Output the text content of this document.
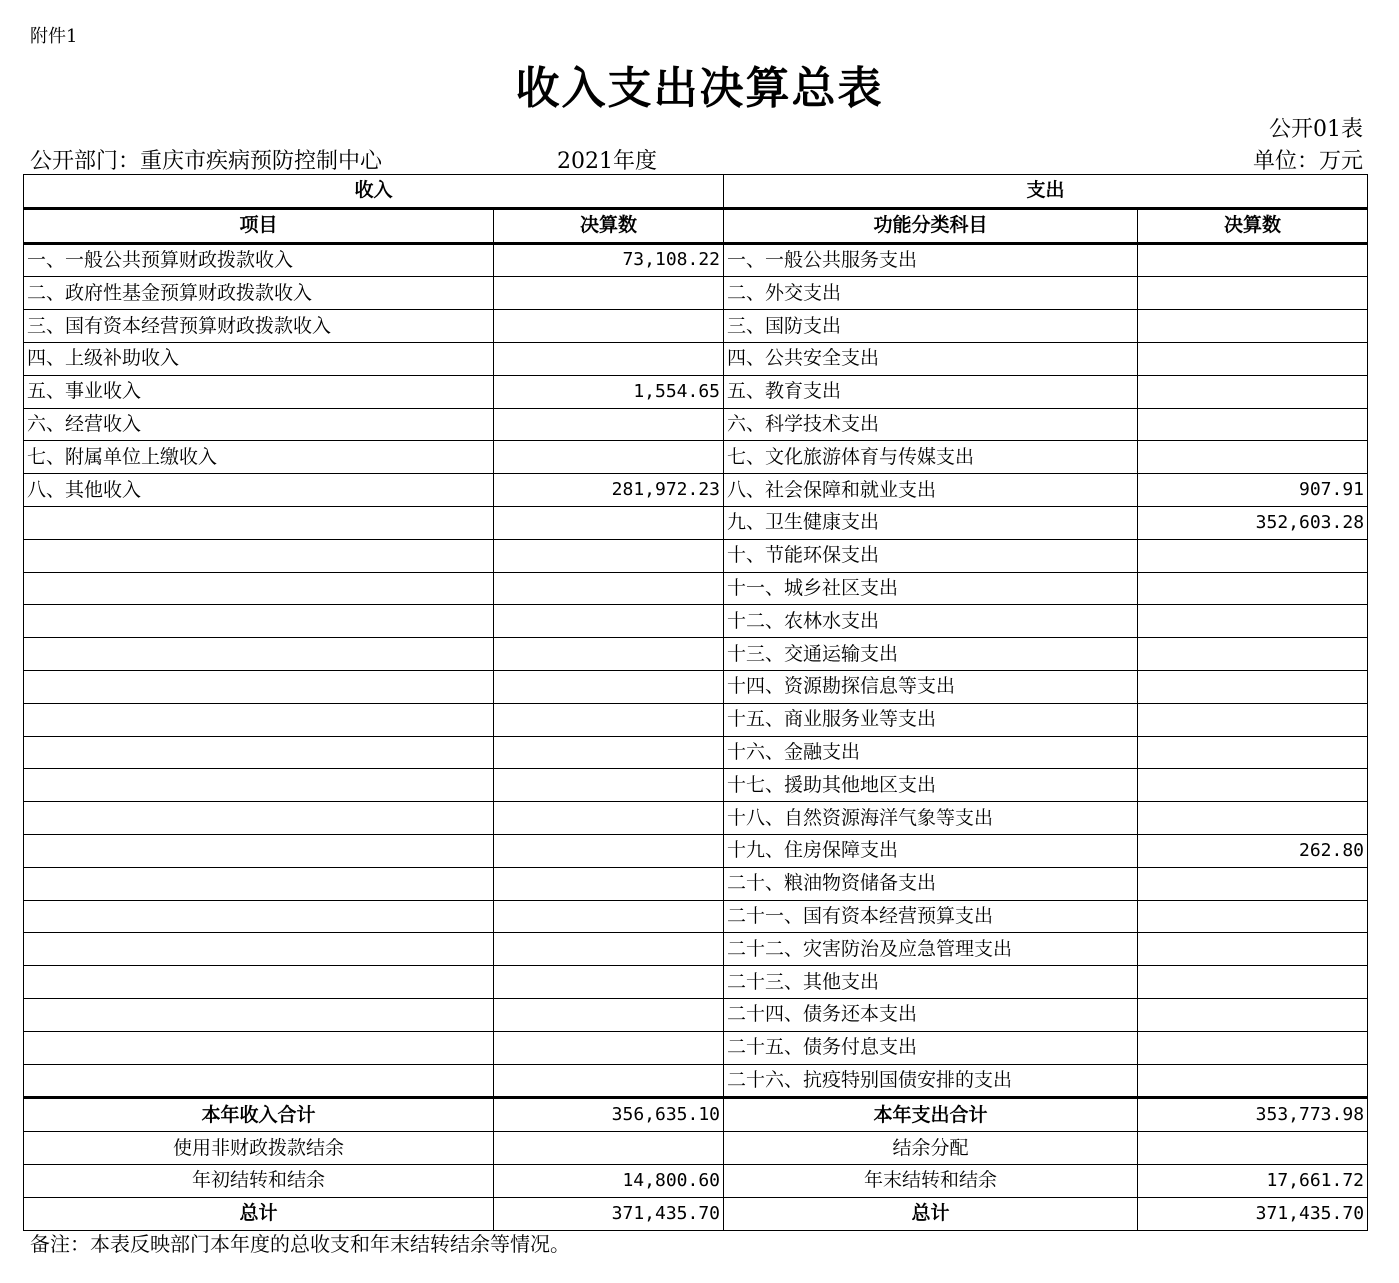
附件1
收入支出决算总表
公开01表
公开部门：重庆市疾病预防控制中心	2021年度	单位：万元
收入		支出	
项目	决算数	功能分类科目	决算数
一、一般公共预算财政拨款收入	73,108.22	一、一般公共服务支出	
二、政府性基金预算财政拨款收入		二、外交支出	
三、国有资本经营预算财政拨款收入		三、国防支出	
四、上级补助收入		四、公共安全支出	
五、事业收入	1,554.65	五、教育支出	
六、经营收入		六、科学技术支出	
七、附属单位上缴收入		七、文化旅游体育与传媒支出	
八、其他收入	281,972.23	八、社会保障和就业支出	907.91
		九、卫生健康支出	352,603.28
		十、节能环保支出	
		十一、城乡社区支出	
		十二、农林水支出	
		十三、交通运输支出	
		十四、资源勘探信息等支出	
		十五、商业服务业等支出	
		十六、金融支出	
		十七、援助其他地区支出	
		十八、自然资源海洋气象等支出	
		十九、住房保障支出	262.80
		二十、粮油物资储备支出	
		二十一、国有资本经营预算支出	
		二十二、灾害防治及应急管理支出	
		二十三、其他支出	
		二十四、债务还本支出	
		二十五、债务付息支出	
		二十六、抗疫特别国债安排的支出	
本年收入合计	356,635.10	本年支出合计	353,773.98
使用非财政拨款结余		结余分配	
年初结转和结余	14,800.60	年末结转和结余	17,661.72
总计	371,435.70	总计	371,435.70
备注：本表反映部门本年度的总收支和年末结转结余等情况。
